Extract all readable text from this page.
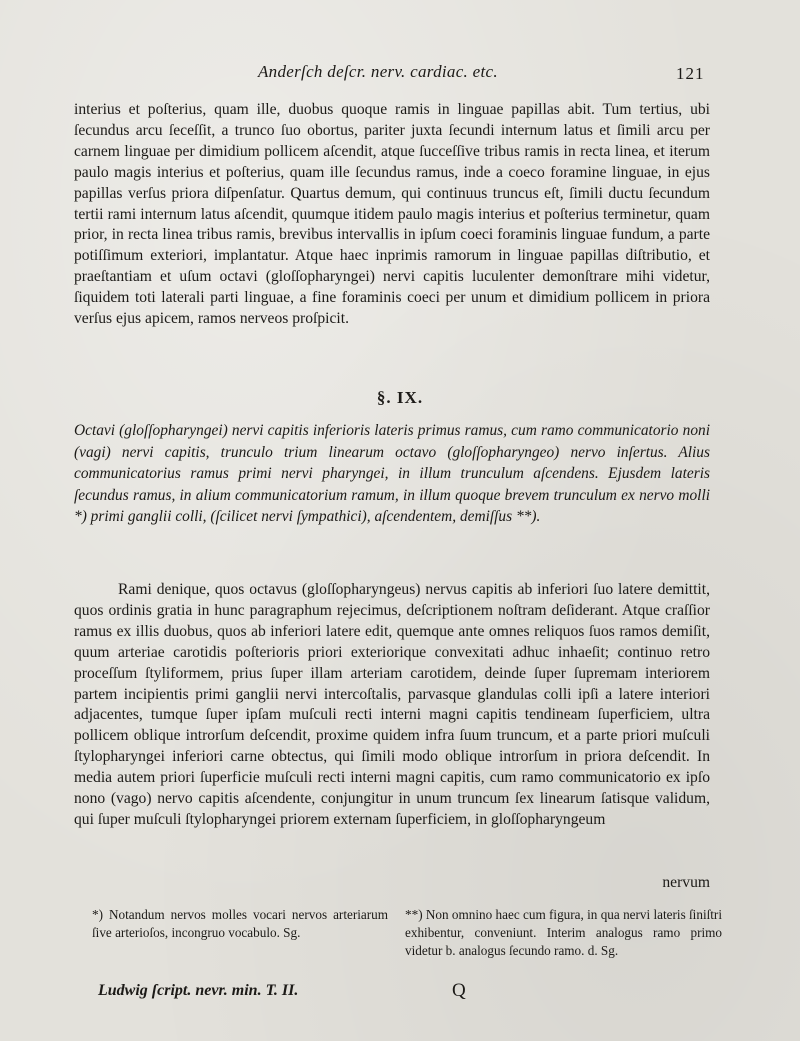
Anderſch deſcr. nerv. cardiac. etc.	121

interius et poſterius, quam ille, duobus quoque ramis in linguae papillas abit. Tum tertius, ubi ſecundus arcu ſeceſſit, a trunco ſuo obortus, pariter juxta ſecundi internum latus et ſimili arcu per carnem linguae per dimidium pollicem aſcendit, atque ſucceſſive tribus ramis in recta linea, et iterum paulo magis interius et poſterius, quam ille ſecundus ramus, inde a coeco foramine linguae, in ejus papillas verſus priora diſpenſatur. Quartus demum, qui continuus truncus eſt, ſimili ductu ſecundum tertii rami internum latus aſcendit, quumque itidem paulo magis interius et poſterius terminetur, quam prior, in recta linea tribus ramis, brevibus intervallis in ipſum coeci foraminis linguae fundum, a parte potiſſimum exteriori, implantatur. Atque haec inprimis ramorum in linguae papillas diſtributio, et praeſtantiam et uſum octavi (gloſſopharyngei) nervi capitis luculenter demonſtrare mihi videtur, ſiquidem toti laterali parti linguae, a fine foraminis coeci per unum et dimidium pollicem in priora verſus ejus apicem, ramos nerveos proſpicit.

§. IX.

Octavi (gloſſopharyngei) nervi capitis inferioris lateris primus ramus, cum ramo communicatorio noni (vagi) nervi capitis, trunculo trium linearum octavo (gloſſopharyngeo) nervo inſertus. Alius communicatorius ramus primi nervi pharyngei, in illum trunculum aſcendens. Ejusdem lateris ſecundus ramus, in alium communicatorium ramum, in illum quoque brevem trunculum ex nervo molli *) primi ganglii colli, (ſcilicet nervi ſympathici), aſcendentem, demiſſus **).

Rami denique, quos octavus (gloſſopharyngeus) nervus capitis ab inferiori ſuo latere demittit, quos ordinis gratia in hunc paragraphum rejecimus, deſcriptionem noſtram deſiderant. Atque craſſior ramus ex illis duobus, quos ab inferiori latere edit, quemque ante omnes reliquos ſuos ramos demiſit, quum arteriae carotidis poſterioris priori exteriorique convexitati adhuc inhaeſit; continuo retro proceſſum ſtyliformem, prius ſuper illam arteriam carotidem, deinde ſuper ſupremam interiorem partem incipientis primi ganglii nervi intercoſtalis, parvasque glandulas colli ipſi a latere interiori adjacentes, tumque ſuper ipſam muſculi recti interni magni capitis tendineam ſuperficiem, ultra pollicem oblique introrſum deſcendit, proxime quidem infra ſuum truncum, et a parte priori muſculi ſtylopharyngei inferiori carne obtectus, qui ſimili modo oblique introrſum in priora deſcendit. In media autem priori ſuperficie muſculi recti interni magni capitis, cum ramo communicatorio ex ipſo nono (vago) nervo capitis aſcendente, conjungitur in unum truncum ſex linearum ſatisque validum, qui ſuper muſculi ſtylopharyngei priorem externam ſuperficiem, in gloſſopharyngeum

nervum
*) Notandum nervos molles vocari nervos arteriarum ſive arterioſos, incongruo vocabulo. Sg.
**) Non omnino haec cum figura, in qua nervi lateris ſiniſtri exhibentur, conveniunt. Interim analogus ramo primo videtur b. analogus ſecundo ramo. d. Sg.
Ludwig ſcript. nevr. min. T. II.	Q
